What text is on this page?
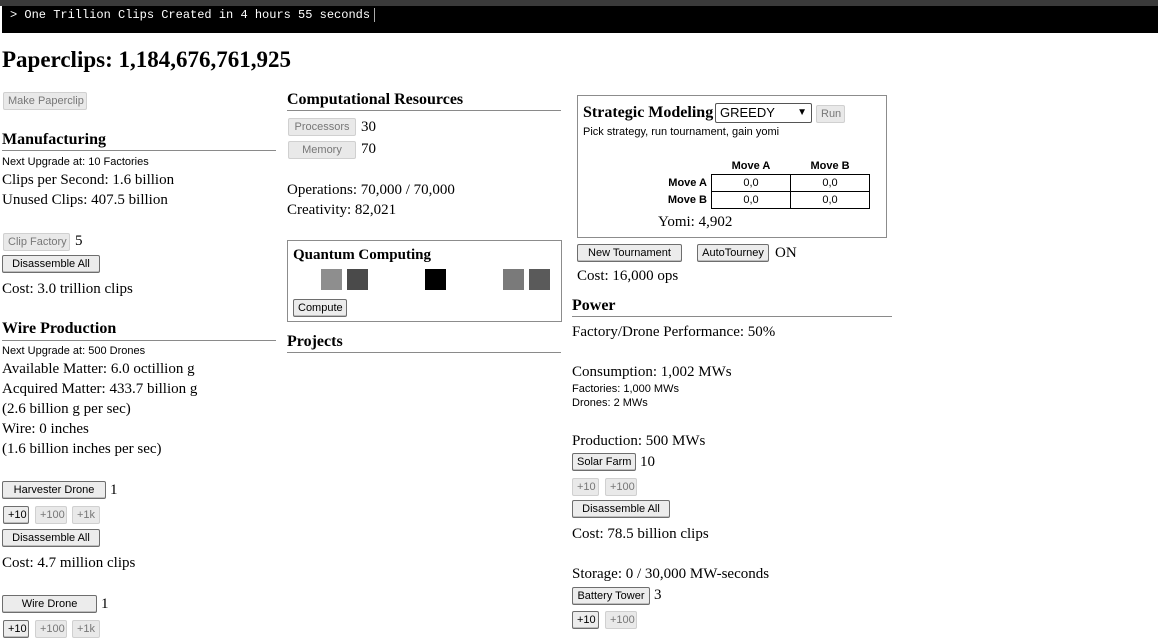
> One Trillion Clips Created in 4 hours 55 seconds
Paperclips: 1,184,676,761,925
Make Paperclip
Manufacturing
Next Upgrade at: 10 Factories
Clips per Second: 1.6 billion
Unused Clips: 407.5 billion
Clip Factory 5
Disassemble All
Cost: 3.0 trillion clips
Wire Production
Next Upgrade at: 500 Drones
Available Matter: 6.0 octillion g
Acquired Matter: 433.7 billion g
(2.6 billion g per sec)
Wire: 0 inches
(1.6 billion inches per sec)
Harvester Drone	1
+10	+100	+1k
Disassemble All
Cost: 4.7 million clips
Wire Drone	1
+10	+100	+1k
Computational Resources
Processors 30
Memory	70
Operations: 70,000 / 70,000
Creativity: 82,021
Quantum Computing
Compute
Projects
Strategic Modeling GREEDY ▼	Run
Pick strategy, run tournament, gain yomi
	Move A	Move B
Move A	0,0	0,0
Move B	0,0	0,0
Yomi: 4,902
New Tournament	AutoTourney ON
Cost: 16,000 ops
Power
Factory/Drone Performance: 50%
Consumption: 1,002 MWs
Factories: 1,000 MWs
Drones: 2 MWs
Production: 500 MWs
Solar Farm 10
+10	+100
Disassemble All
Cost: 78.5 billion clips
Storage: 0 / 30,000 MW-seconds
Battery Tower 3
+10	+100
